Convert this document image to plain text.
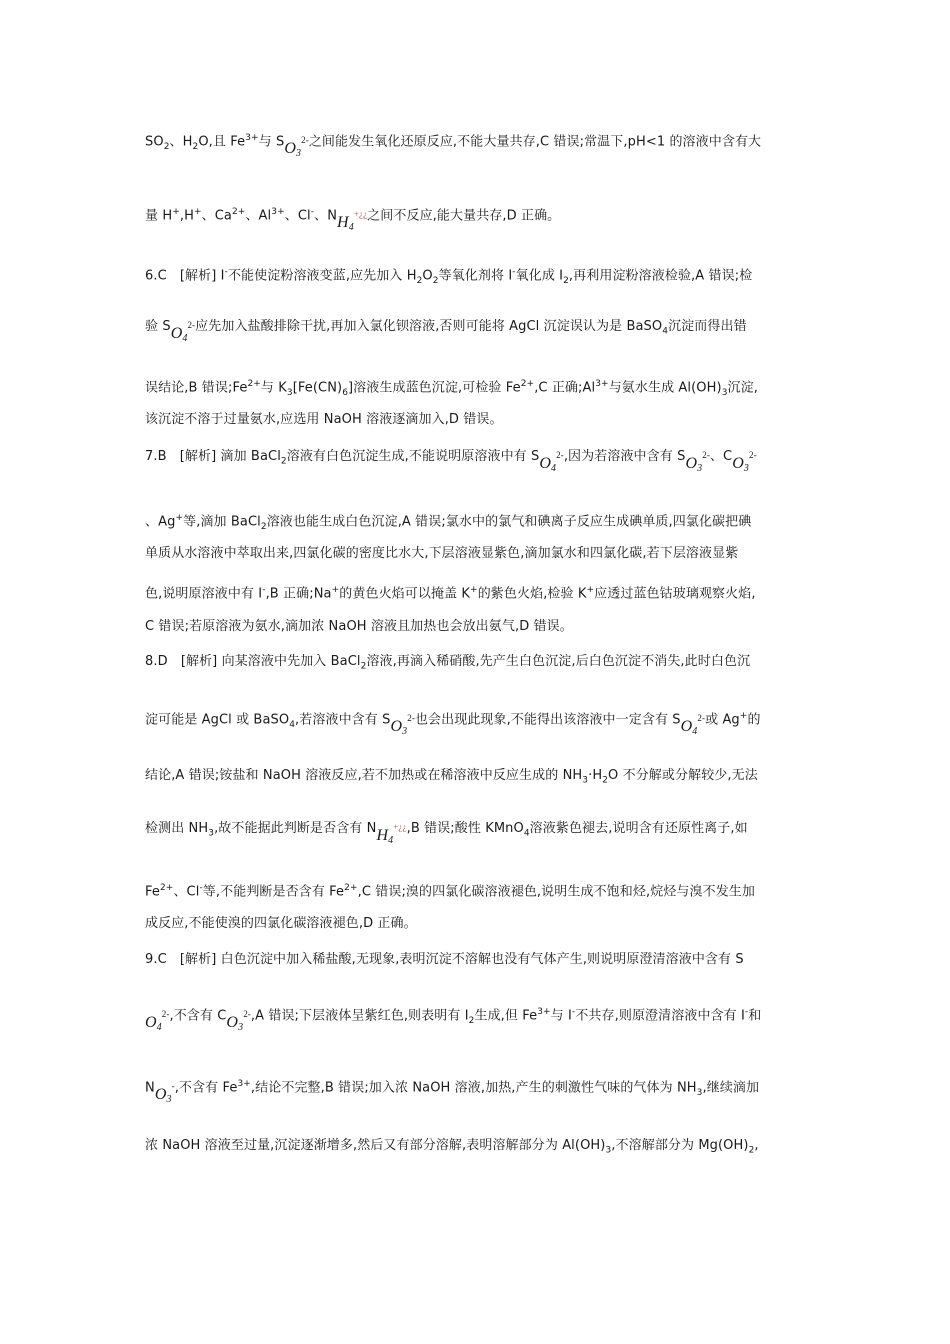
$SO_2$、$H_2O$,且 $Fe^{3+}$与 $SO_3^{2-}$之间能发生氧化还原反应,不能大量共存,C 错误;常温下,pH<1 的溶液中含有大
量 H+,H+、$Ca^{2+}$、$Al^{3+}$、Cl-、$NH_4^{+¿¿}$之间不反应,能大量共存,D 正确。
6.C　[解析] I-不能使淀粉溶液变蓝,应先加入 $H_2O_2$等氧化剂将 I-氧化成 $I_2$,再利用淀粉溶液检验,A 错误;检
验 $SO_4^{2-}$应先加入盐酸排除干扰,再加入氯化钡溶液,否则可能将 AgCl 沉淀误认为是 BaSO$_4$沉淀而得出错
误结论,B 错误$;Fe^{2+}$与 $K_3[Fe(CN)_6]$溶液生成蓝色沉淀,可检验 $Fe^{2+},C$ 正确$;Al^{3+}$与氨水生成 $Al(OH)_3$沉淀,
该沉淀不溶于过量氨水,应选用 NaOH 溶液逐滴加入,D 错误。
7.B　[解析] 滴加 BaCl$_2$溶液有白色沉淀生成,不能说明原溶液中有 $SO_4^{2-}$,因为若溶液中含有 $SO_3^{2-}$、$CO_3^{2-}$
、Ag+等,滴加 BaCl$_2$溶液也能生成白色沉淀,A 错误;氯水中的氯气和碘离子反应生成碘单质,四氯化碳把碘
单质从水溶液中萃取出来,四氯化碳的密度比水大,下层溶液显紫色,滴加氯水和四氯化碳,若下层溶液显紫
色,说明原溶液中有 I-,B 正确;Na+的黄色火焰可以掩盖 K+的紫色火焰,检验 K+应透过蓝色钴玻璃观察火焰,
C 错误;若原溶液为氨水,滴加浓 NaOH 溶液且加热也会放出氨气,D 错误。
8.D　[解析] 向某溶液中先加入 BaCl$_2$溶液,再滴入稀硝酸,先产生白色沉淀,后白色沉淀不消失,此时白色沉
淀可能是 AgCl 或 BaSO$_4$,若溶液中含有 $SO_3^{2-}$也会出现此现象,不能得出该溶液中一定含有 $SO_4^{2-}$或 Ag+的
结论,A 错误;铵盐和 NaOH 溶液反应,若不加热或在稀溶液中反应生成的 $NH_3\cdot H_2O$ 不分解或分解较少,无法
检测出 $NH_3$,故不能据此判断是否含有 $NH_4^{+¿¿},B$ 错误;酸性 KMnO$_4$溶液紫色褪去,说明含有还原性离子,如
$Fe^{2+}$、Cl-等,不能判断是否含有 $Fe^{2+},C$ 错误;溴的四氯化碳溶液褪色,说明生成不饱和烃,烷烃与溴不发生加
成反应,不能使溴的四氯化碳溶液褪色,D 正确。
9.C　[解析] 白色沉淀中加入稀盐酸,无现象,表明沉淀不溶解也没有气体产生,则说明原澄清溶液中含有 S
$O_4^{2-}$,不含有 $CO_3^{2-},A$ 错误;下层液体呈紫红色,则表明有 $I_2$生成,但 $Fe^{3+}$与 I-不共存,则原澄清溶液中含有 I-和
$NO_3^-$,不含有 $Fe^{3+}$,结论不完整,B 错误;加入浓 NaOH 溶液,加热,产生的刺激性气味的气体为 $NH_3$,继续滴加
浓 NaOH 溶液至过量,沉淀逐渐增多,然后又有部分溶解,表明溶解部分为 $Al(OH)_3$,不溶解部分为 $Mg(OH)_2$,
